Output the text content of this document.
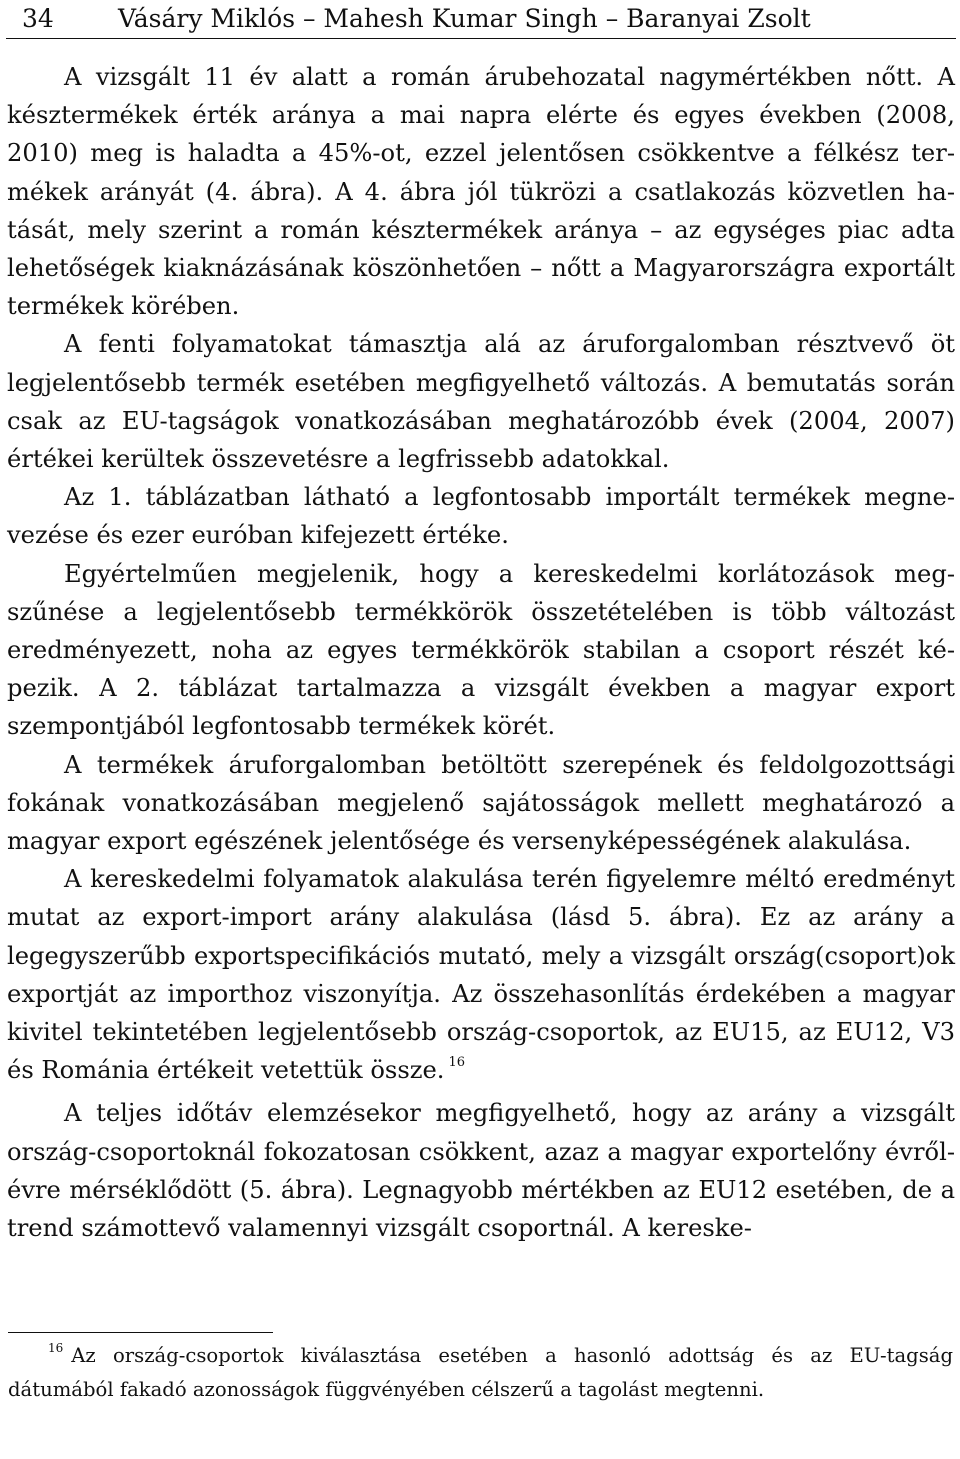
34	Vásáry Miklós – Mahesh Kumar Singh – Baranyai Zsolt

A vizsgált 11 év alatt a román árubehozatal nagymértékben nőtt. A késztermékek érték aránya a mai napra elérte és egyes években (2008, 2010) meg is haladta a 45%-ot, ezzel jelentősen csökkentve a félkész termékek arányát (4. ábra). A 4. ábra jól tükrözi a csatlakozás közvetlen hatását, mely szerint a román késztermékek aránya – az egységes piac adta lehetőségek kiaknázásának köszönhetően – nőtt a Magyarországra exportált termékek körében.

A fenti folyamatokat támasztja alá az áruforgalomban résztvevő öt legjelentősebb termék esetében megfigyelhető változás. A bemutatás során csak az EU-tagságok vonatkozásában meghatározóbb évek (2004, 2007) értékei kerültek összevetésre a legfrissebb adatokkal.

Az 1. táblázatban látható a legfontosabb importált termékek megnevezése és ezer euróban kifejezett értéke.

Egyértelműen megjelenik, hogy a kereskedelmi korlátozások megszűnése a legjelentősebb termékkörök összetételében is több változást eredményezett, noha az egyes termékkörök stabilan a csoport részét képezik. A 2. táblázat tartalmazza a vizsgált években a magyar export szempontjából legfontosabb termékek körét.

A termékek áruforgalomban betöltött szerepének és feldolgozottsági fokának vonatkozásában megjelenő sajátosságok mellett meghatározó a magyar export egészének jelentősége és versenyképességének alakulása.

A kereskedelmi folyamatok alakulása terén figyelemre méltó eredményt mutat az export-import arány alakulása (lásd 5. ábra). Ez az arány a legegyszerűbb exportspecifikációs mutató, mely a vizsgált ország(csoport)ok exportját az importhoz viszonyítja. Az összehasonlítás érdekében a magyar kivitel tekintetében legjelentősebb ország-csoportok, az EU15, az EU12, V3 és Románia értékeit vetettük össze. $^{16}$

A teljes időtáv elemzésekor megfigyelhető, hogy az arány a vizsgált ország-csoportoknál fokozatosan csökkent, azaz a magyar exportelőny évről-évre mérséklődött (5. ábra). Legnagyobb mértékben az EU12 esetében, de a trend számottevő valamennyi vizsgált csoportnál. A kereske-

$^{16}$ Az ország-csoportok kiválasztása esetében a hasonló adottság és az EU-tagság dátumából fakadó azonosságok függvényében célszerű a tagolást megtenni.
